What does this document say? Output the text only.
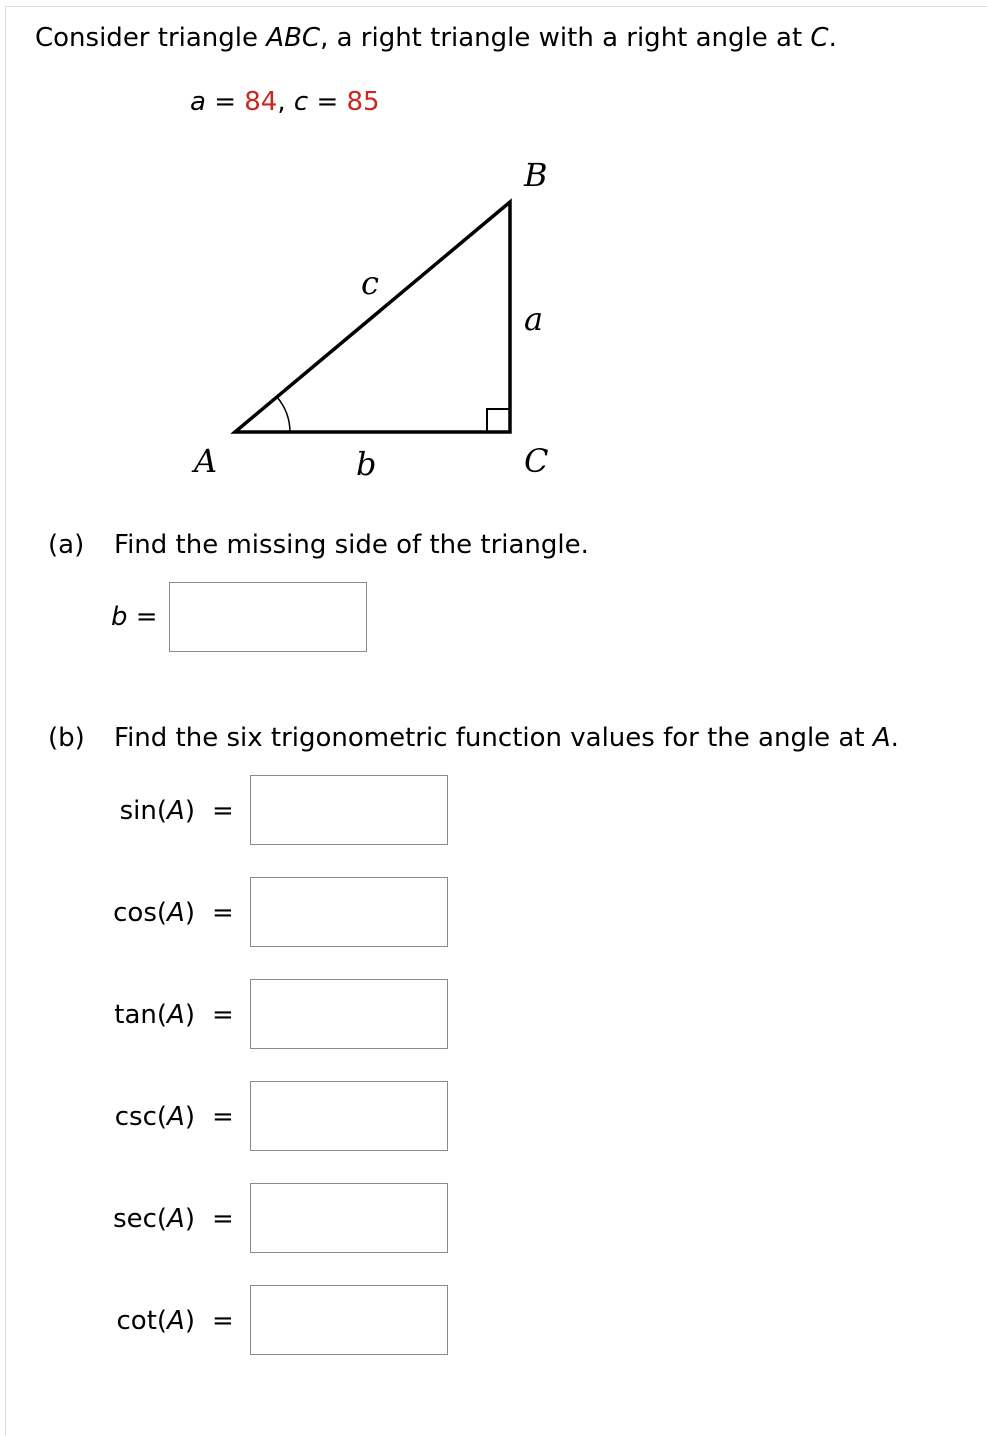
Consider triangle ABC, a right triangle with a right angle at C.
a = 84, c = 85
B
c
a
A	b	C
(a) Find the missing side of the triangle.
b =
(b) Find the six trigonometric function values for the angle at A.
sin(A) =
cos(A) =
tan(A) =
csc(A) =
sec(A) =
cot(A) =
